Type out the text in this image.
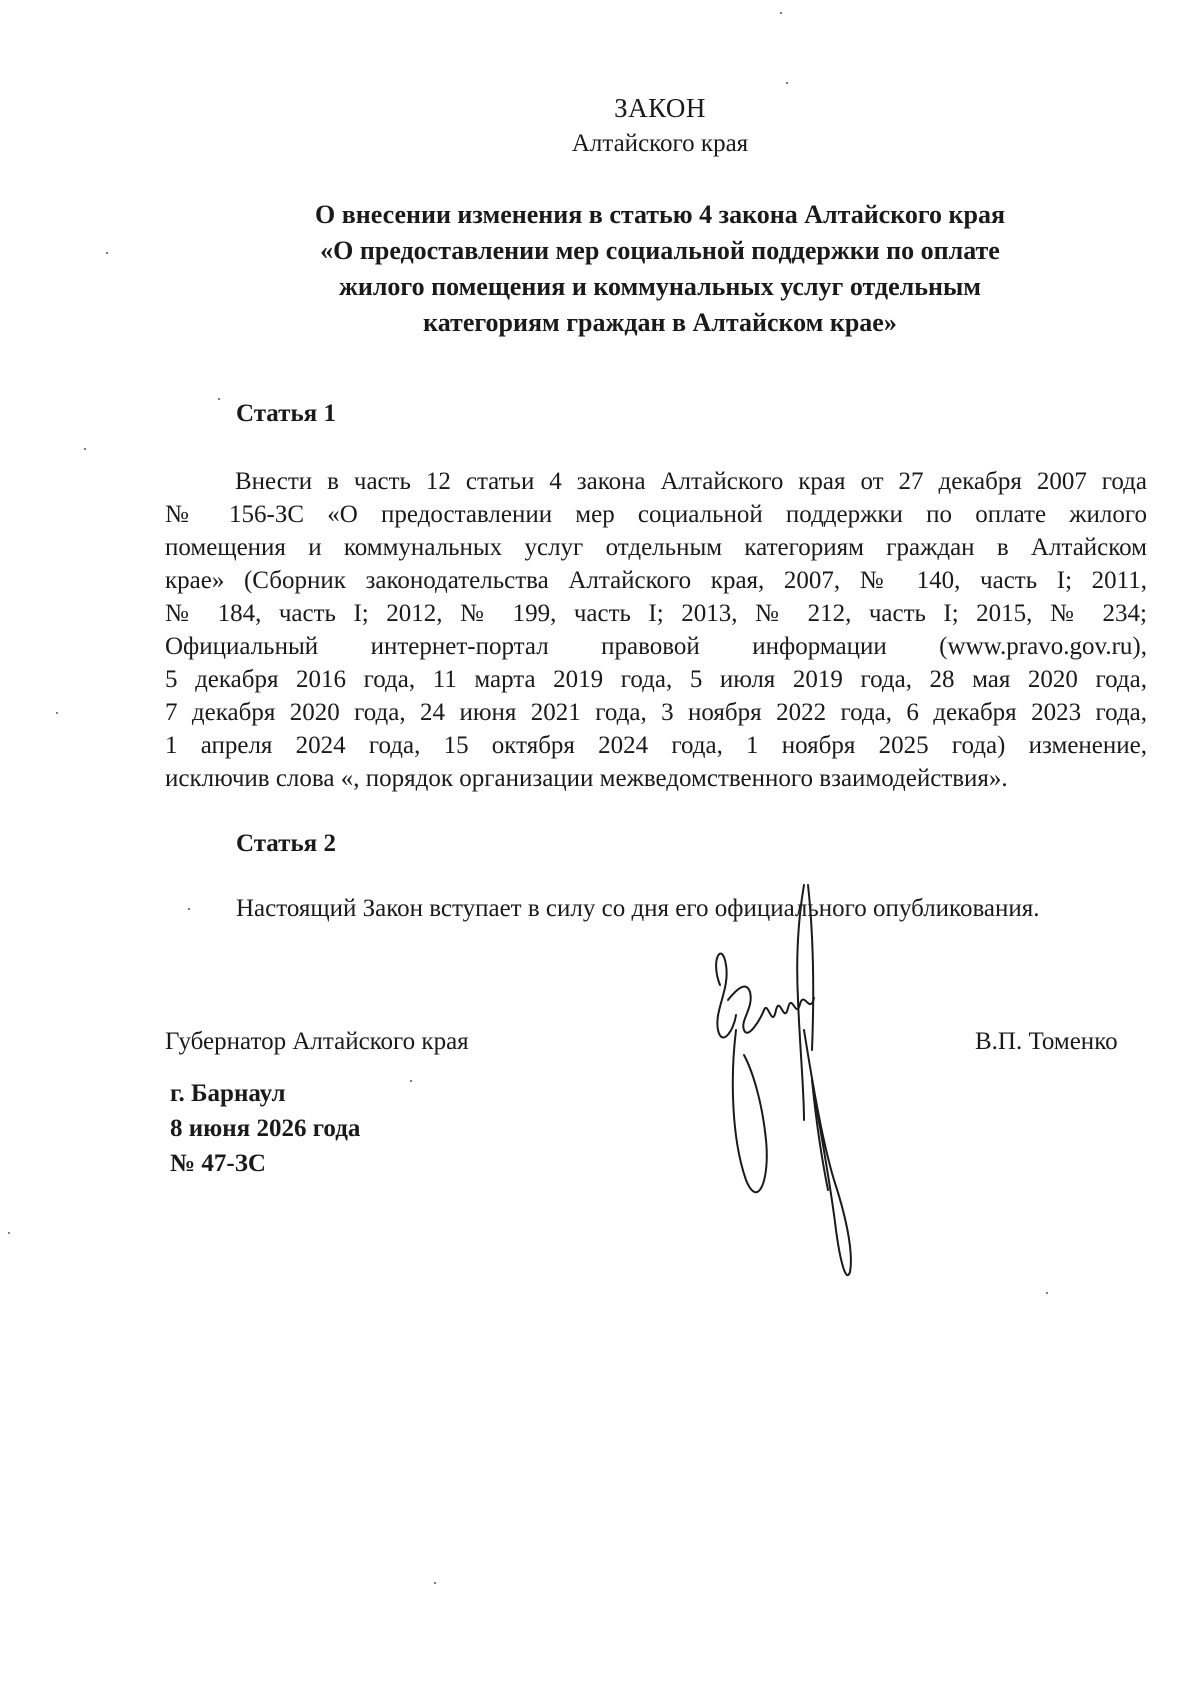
ЗАКОН
Алтайского края
О внесении изменения в статью 4 закона Алтайского края
«О предоставлении мер социальной поддержки по оплате
жилого помещения и коммунальных услуг отдельным
категориям граждан в Алтайском крае»
Статья 1
Внести в часть 12 статьи 4 закона Алтайского края от 27 декабря 2007 года
№ 156-ЗС «О предоставлении мер социальной поддержки по оплате жилого
помещения и коммунальных услуг отдельным категориям граждан в Алтайском
крае» (Сборник законодательства Алтайского края, 2007, № 140, часть I; 2011,
№ 184, часть I; 2012, № 199, часть I; 2013, № 212, часть I; 2015, № 234;
Официальный интернет-портал правовой информации (www.pravo.gov.ru),
5 декабря 2016 года, 11 марта 2019 года, 5 июля 2019 года, 28 мая 2020 года,
7 декабря 2020 года, 24 июня 2021 года, 3 ноября 2022 года, 6 декабря 2023 года,
1 апреля 2024 года, 15 октября 2024 года, 1 ноября 2025 года) изменение,
исключив слова «, порядок организации межведомственного взаимодействия».
Статья 2
Настоящий Закон вступает в силу со дня его официального опубликования.
Губернатор Алтайского края	В.П. Томенко
г. Барнаул
8 июня 2026 года
№ 47-ЗС
